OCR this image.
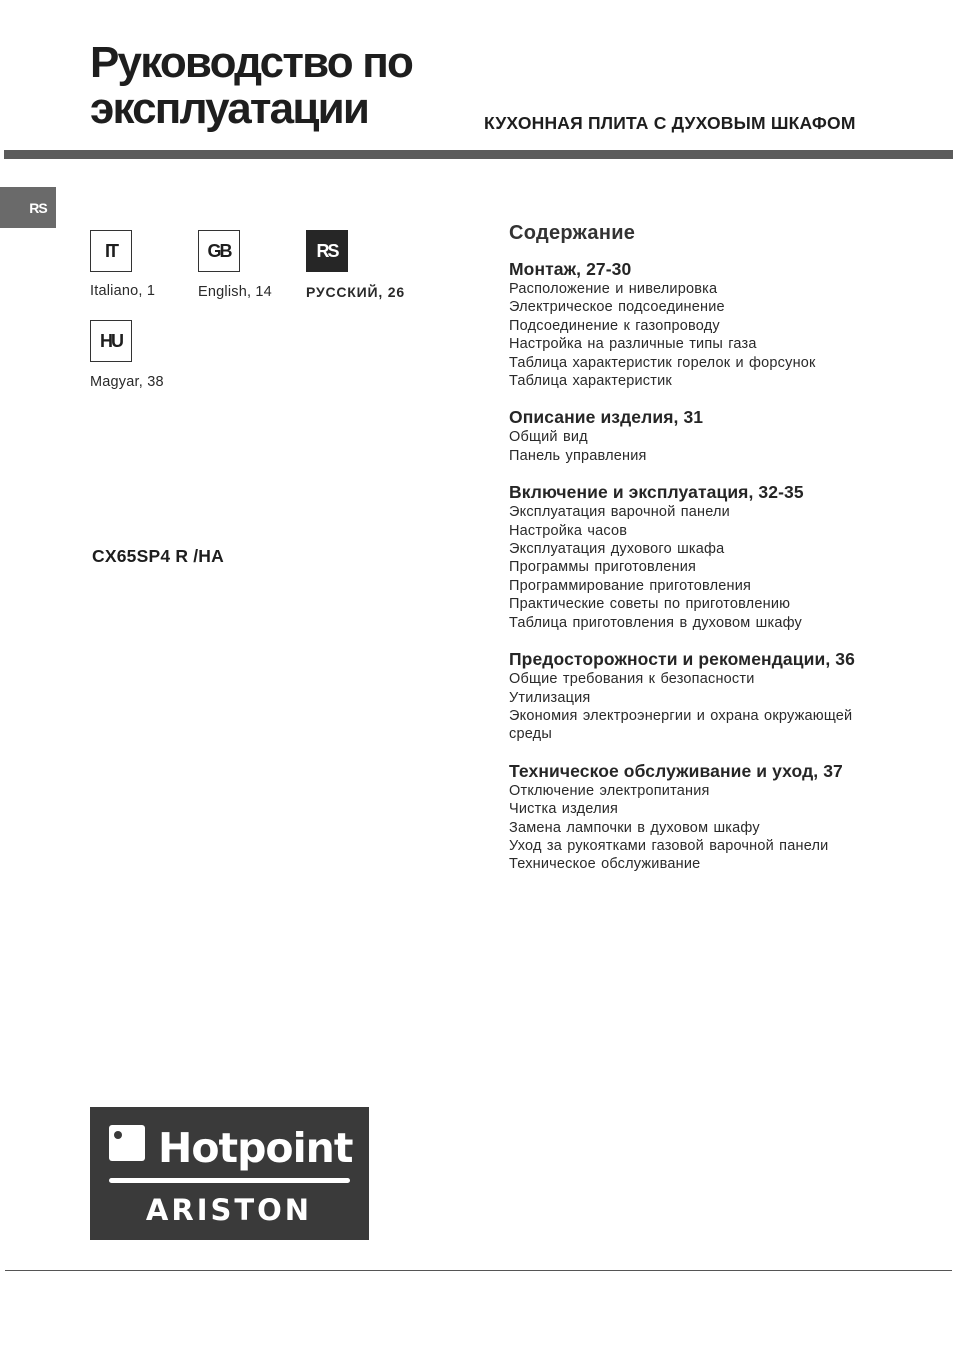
Руководство по
эксплуатации	КУХОННАЯ ПЛИТА С ДУХОВЫМ ШКАФОМ
RS
IT
Italiano, 1
GB
English, 14
RS
РУССКИЙ, 26
HU
Magyar, 38
CX65SP4 R /HA
Содержание
Монтаж, 27-30
Расположение и нивелировка
Электрическое подсоединение
Подсоединение к газопроводу
Настройка на различные типы газа
Таблица характеристик горелок и форсунок
Таблица характеристик
Описание изделия, 31
Общий вид
Панель управления
Включение и эксплуатация, 32-35
Эксплуатация варочной панели
Настройка часов
Эксплуатация духового шкафа
Программы приготовления
Программирование приготовления
Практические советы по приготовлению
Таблица приготовления в духовом шкафу
Предосторожности и рекомендации, 36
Общие требования к безопасности
Утилизация
Экономия электроэнергии и охрана окружающей
среды
Техническое обслуживание и уход, 37
Отключение электропитания
Чистка изделия
Замена лампочки в духовом шкафу
Уход за рукоятками газовой варочной панели
Техническое обслуживание
Hotpoint
ARISTON
